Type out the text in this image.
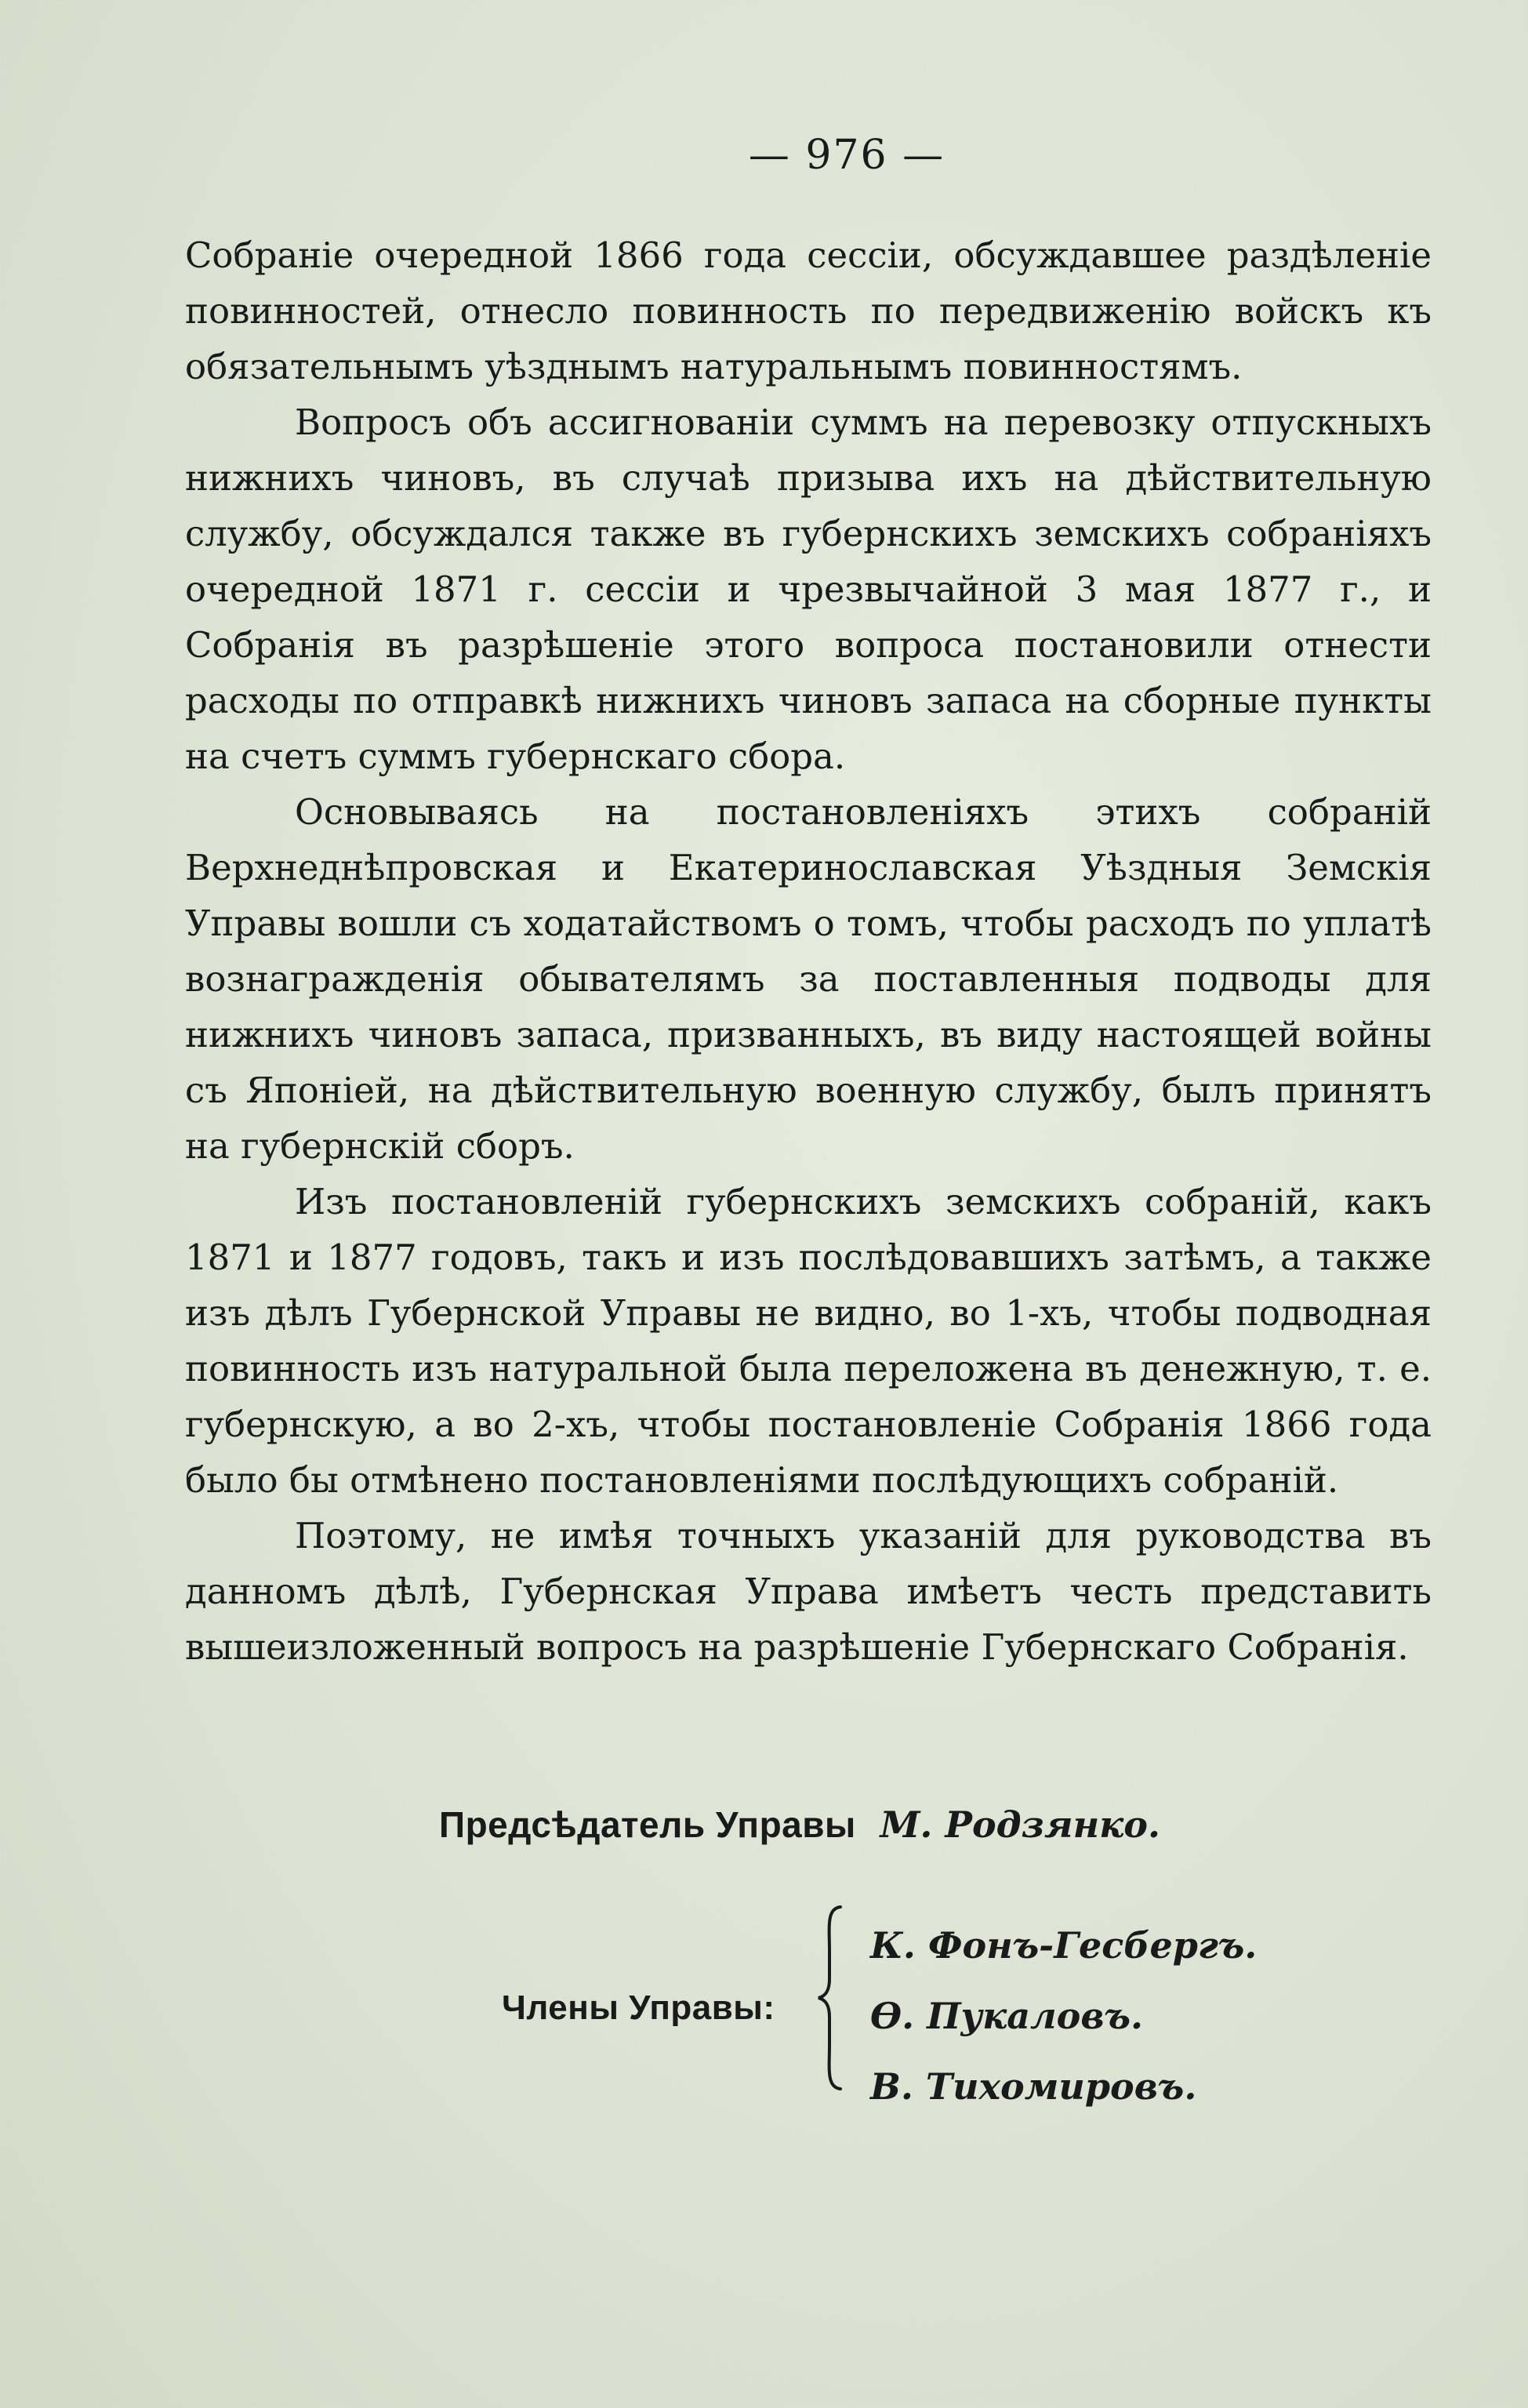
— 976 —

Собраніе очередной 1866 года сессіи, обсуждавшее раздѣленіе повинностей, отнесло повинность по передвиженію войскъ къ обязательнымъ уѣзднымъ натуральнымъ повинностямъ.

Вопросъ объ ассигнованіи суммъ на перевозку отпускныхъ нижнихъ чиновъ, въ случаѣ призыва ихъ на дѣйствительную службу, обсуждался также въ губернскихъ земскихъ собраніяхъ очередной 1871 г. сессіи и чрезвычайной 3 мая 1877 г., и Собранія въ разрѣшеніе этого вопроса постановили отнести расходы по отправкѣ нижнихъ чиновъ запаса на сборные пункты на счетъ суммъ губернскаго сбора.

Основываясь на постановленіяхъ этихъ собраній Верхнеднѣпровская и Екатеринославская Уѣздныя Земскія Управы вошли съ ходатайствомъ о томъ, чтобы расходъ по уплатѣ вознагражденія обывателямъ за поставленныя подводы для нижнихъ чиновъ запаса, призванныхъ, въ виду настоящей войны съ Японіей, на дѣйствительную военную службу, былъ принятъ на губернскій сборъ.

Изъ постановленій губернскихъ земскихъ собраній, какъ 1871 и 1877 годовъ, такъ и изъ послѣдовавшихъ затѣмъ, а также изъ дѣлъ Губернской Управы не видно, во 1-хъ, чтобы подводная повинность изъ натуральной была переложена въ денежную, т. е. губернскую, а во 2-хъ, чтобы постановленіе Собранія 1866 года было бы отмѣнено постановленіями послѣдующихъ собраній.

Поэтому, не имѣя точныхъ указаній для руководства въ данномъ дѣлѣ, Губернская Управа имѣетъ честь представить вышеизложенный вопросъ на разрѣшеніе Губернскаго Собранія.

Предсѣдатель Управы М. Родзянко.
Члены Управы:
К. Фонъ-Гесбергъ.
Ѳ. Пукаловъ.
В. Тихомировъ.
